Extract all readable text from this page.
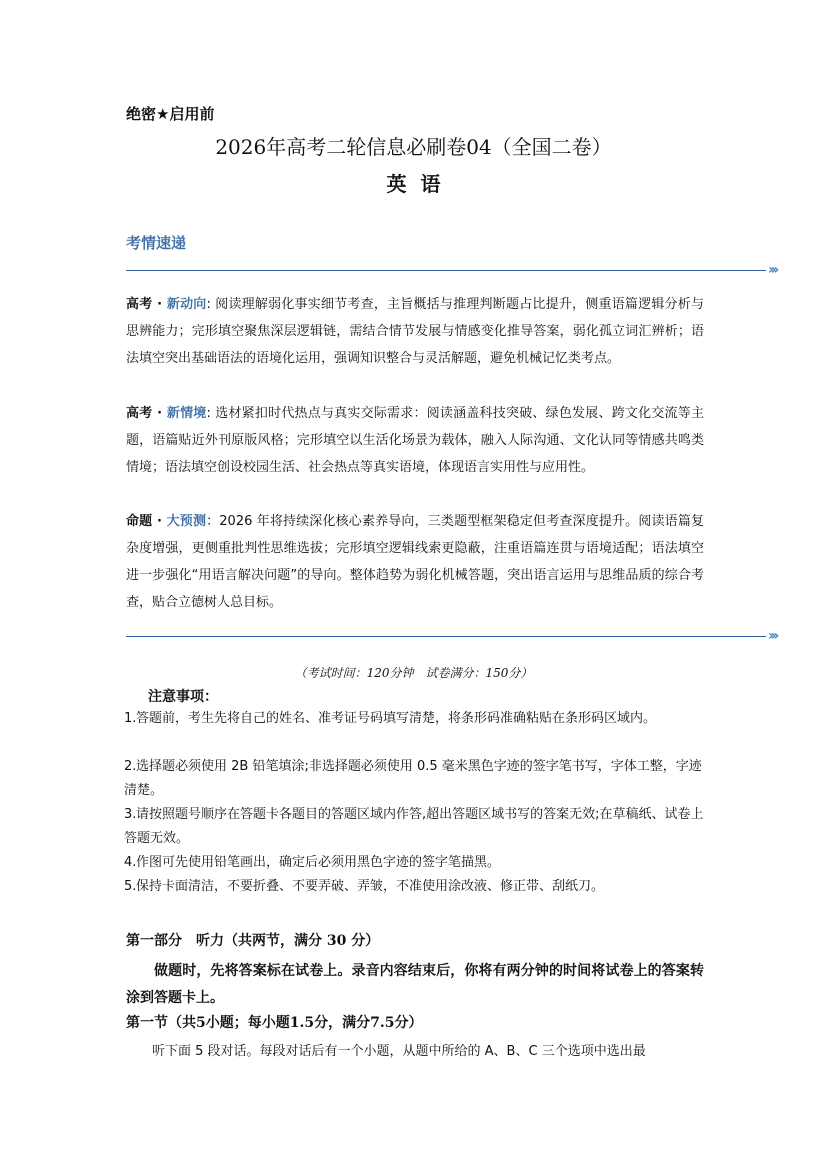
绝密★启用前
2026年高考二轮信息必刷卷04（全国二卷）
英语
考情速递
›››
高考 · 新动向: 阅读理解弱化事实细节考查，主旨概括与推理判断题占比提升，侧重语篇逻辑分析与思辨能力；完形填空聚焦深层逻辑链，需结合情节发展与情感变化推导答案，弱化孤立词汇辨析；语法填空突出基础语法的语境化运用，强调知识整合与灵活解题，避免机械记忆类考点。
高考 · 新情境: 选材紧扣时代热点与真实交际需求：阅读涵盖科技突破、绿色发展、跨文化交流等主题，语篇贴近外刊原版风格；完形填空以生活化场景为载体，融入人际沟通、文化认同等情感共鸣类情境；语法填空创设校园生活、社会热点等真实语境，体现语言实用性与应用性。
命题 · 大预测：2026 年将持续深化核心素养导向，三类题型框架稳定但考查深度提升。阅读语篇复杂度增强，更侧重批判性思维选拔；完形填空逻辑线索更隐蔽，注重语篇连贯与语境适配；语法填空进一步强化“用语言解决问题”的导向。整体趋势为弱化机械答题，突出语言运用与思维品质的综合考查，贴合立德树人总目标。
›››
（考试时间：120分钟　试卷满分：150分）
注意事项：
1.答题前，考生先将自己的姓名、准考证号码填写清楚，将条形码准确粘贴在条形码区域内。
2.选择题必须使用 2B 铅笔填涂;非选择题必须使用 0.5 毫米黑色字迹的签字笔书写，字体工整，字迹清楚。
3.请按照题号顺序在答题卡各题目的答题区域内作答,超出答题区域书写的答案无效;在草稿纸、试卷上答题无效。
4.作图可先使用铅笔画出，确定后必须用黑色字迹的签字笔描黑。
5.保持卡面清洁，不要折叠、不要弄破、弄皱，不准使用涂改液、修正带、刮纸刀。
第一部分　听力（共两节，满分 30 分）
做题时，先将答案标在试卷上。录音内容结束后，你将有两分钟的时间将试卷上的答案转涂到答题卡上。
第一节（共5小题；每小题1.5分，满分7.5分）
听下面 5 段对话。每段对话后有一个小题，从题中所给的 A、B、C 三个选项中选出最
